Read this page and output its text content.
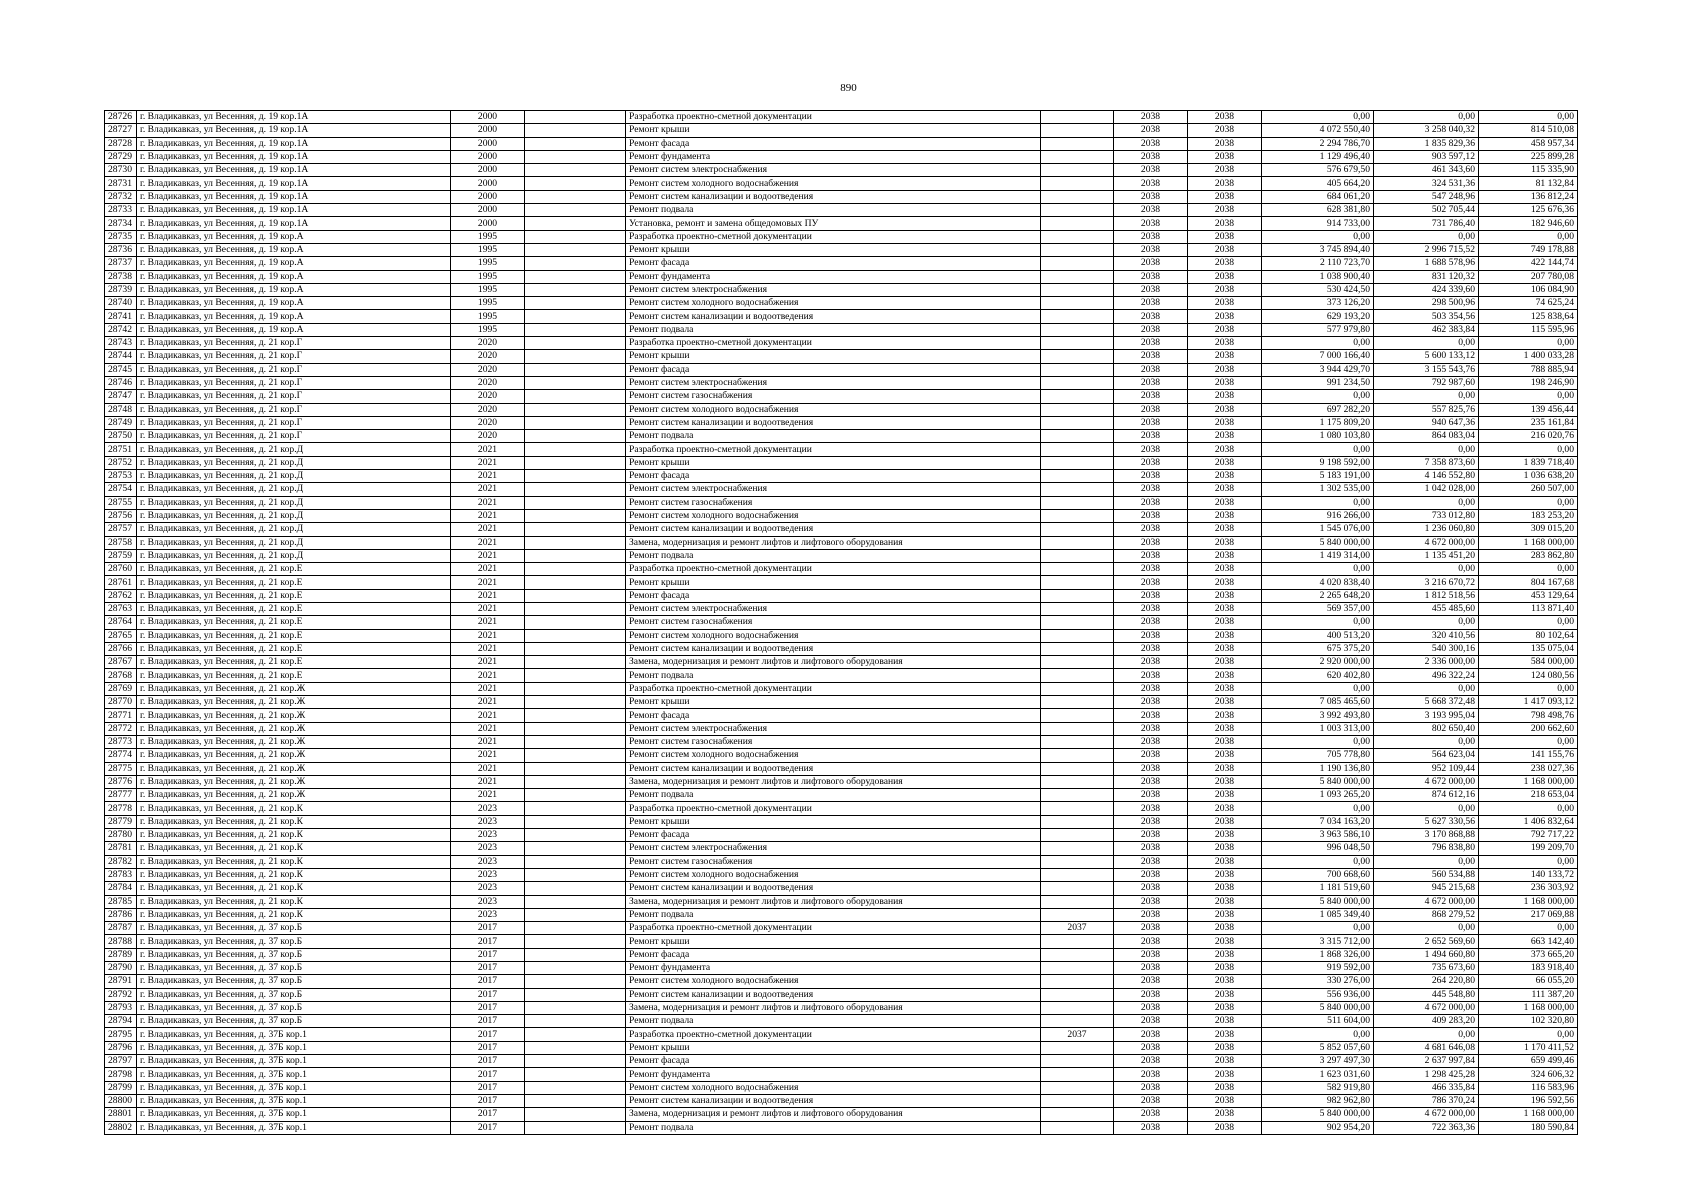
890
28726	г. Владикавказ, ул Весенняя, д. 19 кор.1А	2000		Разработка проектно-сметной документации		2038	2038	0,00	0,00	0,00
28727	г. Владикавказ, ул Весенняя, д. 19 кор.1А	2000		Ремонт крыши		2038	2038	4 072 550,40	3 258 040,32	814 510,08
28728	г. Владикавказ, ул Весенняя, д. 19 кор.1А	2000		Ремонт фасада		2038	2038	2 294 786,70	1 835 829,36	458 957,34
28729	г. Владикавказ, ул Весенняя, д. 19 кор.1А	2000		Ремонт фундамента		2038	2038	1 129 496,40	903 597,12	225 899,28
28730	г. Владикавказ, ул Весенняя, д. 19 кор.1А	2000		Ремонт систем электроснабжения		2038	2038	576 679,50	461 343,60	115 335,90
28731	г. Владикавказ, ул Весенняя, д. 19 кор.1А	2000		Ремонт систем холодного водоснабжения		2038	2038	405 664,20	324 531,36	81 132,84
28732	г. Владикавказ, ул Весенняя, д. 19 кор.1А	2000		Ремонт систем канализации и водоотведения		2038	2038	684 061,20	547 248,96	136 812,24
28733	г. Владикавказ, ул Весенняя, д. 19 кор.1А	2000		Ремонт подвала		2038	2038	628 381,80	502 705,44	125 676,36
28734	г. Владикавказ, ул Весенняя, д. 19 кор.1А	2000		Установка, ремонт и замена общедомовых ПУ		2038	2038	914 733,00	731 786,40	182 946,60
28735	г. Владикавказ, ул Весенняя, д. 19 кор.А	1995		Разработка проектно-сметной документации		2038	2038	0,00	0,00	0,00
28736	г. Владикавказ, ул Весенняя, д. 19 кор.А	1995		Ремонт крыши		2038	2038	3 745 894,40	2 996 715,52	749 178,88
28737	г. Владикавказ, ул Весенняя, д. 19 кор.А	1995		Ремонт фасада		2038	2038	2 110 723,70	1 688 578,96	422 144,74
28738	г. Владикавказ, ул Весенняя, д. 19 кор.А	1995		Ремонт фундамента		2038	2038	1 038 900,40	831 120,32	207 780,08
28739	г. Владикавказ, ул Весенняя, д. 19 кор.А	1995		Ремонт систем электроснабжения		2038	2038	530 424,50	424 339,60	106 084,90
28740	г. Владикавказ, ул Весенняя, д. 19 кор.А	1995		Ремонт систем холодного водоснабжения		2038	2038	373 126,20	298 500,96	74 625,24
28741	г. Владикавказ, ул Весенняя, д. 19 кор.А	1995		Ремонт систем канализации и водоотведения		2038	2038	629 193,20	503 354,56	125 838,64
28742	г. Владикавказ, ул Весенняя, д. 19 кор.А	1995		Ремонт подвала		2038	2038	577 979,80	462 383,84	115 595,96
28743	г. Владикавказ, ул Весенняя, д. 21 кор.Г	2020		Разработка проектно-сметной документации		2038	2038	0,00	0,00	0,00
28744	г. Владикавказ, ул Весенняя, д. 21 кор.Г	2020		Ремонт крыши		2038	2038	7 000 166,40	5 600 133,12	1 400 033,28
28745	г. Владикавказ, ул Весенняя, д. 21 кор.Г	2020		Ремонт фасада		2038	2038	3 944 429,70	3 155 543,76	788 885,94
28746	г. Владикавказ, ул Весенняя, д. 21 кор.Г	2020		Ремонт систем электроснабжения		2038	2038	991 234,50	792 987,60	198 246,90
28747	г. Владикавказ, ул Весенняя, д. 21 кор.Г	2020		Ремонт систем газоснабжения		2038	2038	0,00	0,00	0,00
28748	г. Владикавказ, ул Весенняя, д. 21 кор.Г	2020		Ремонт систем холодного водоснабжения		2038	2038	697 282,20	557 825,76	139 456,44
28749	г. Владикавказ, ул Весенняя, д. 21 кор.Г	2020		Ремонт систем канализации и водоотведения		2038	2038	1 175 809,20	940 647,36	235 161,84
28750	г. Владикавказ, ул Весенняя, д. 21 кор.Г	2020		Ремонт подвала		2038	2038	1 080 103,80	864 083,04	216 020,76
28751	г. Владикавказ, ул Весенняя, д. 21 кор.Д	2021		Разработка проектно-сметной документации		2038	2038	0,00	0,00	0,00
28752	г. Владикавказ, ул Весенняя, д. 21 кор.Д	2021		Ремонт крыши		2038	2038	9 198 592,00	7 358 873,60	1 839 718,40
28753	г. Владикавказ, ул Весенняя, д. 21 кор.Д	2021		Ремонт фасада		2038	2038	5 183 191,00	4 146 552,80	1 036 638,20
28754	г. Владикавказ, ул Весенняя, д. 21 кор.Д	2021		Ремонт систем электроснабжения		2038	2038	1 302 535,00	1 042 028,00	260 507,00
28755	г. Владикавказ, ул Весенняя, д. 21 кор.Д	2021		Ремонт систем газоснабжения		2038	2038	0,00	0,00	0,00
28756	г. Владикавказ, ул Весенняя, д. 21 кор.Д	2021		Ремонт систем холодного водоснабжения		2038	2038	916 266,00	733 012,80	183 253,20
28757	г. Владикавказ, ул Весенняя, д. 21 кор.Д	2021		Ремонт систем канализации и водоотведения		2038	2038	1 545 076,00	1 236 060,80	309 015,20
28758	г. Владикавказ, ул Весенняя, д. 21 кор.Д	2021		Замена, модернизация и ремонт лифтов и лифтового оборудования		2038	2038	5 840 000,00	4 672 000,00	1 168 000,00
28759	г. Владикавказ, ул Весенняя, д. 21 кор.Д	2021		Ремонт подвала		2038	2038	1 419 314,00	1 135 451,20	283 862,80
28760	г. Владикавказ, ул Весенняя, д. 21 кор.Е	2021		Разработка проектно-сметной документации		2038	2038	0,00	0,00	0,00
28761	г. Владикавказ, ул Весенняя, д. 21 кор.Е	2021		Ремонт крыши		2038	2038	4 020 838,40	3 216 670,72	804 167,68
28762	г. Владикавказ, ул Весенняя, д. 21 кор.Е	2021		Ремонт фасада		2038	2038	2 265 648,20	1 812 518,56	453 129,64
28763	г. Владикавказ, ул Весенняя, д. 21 кор.Е	2021		Ремонт систем электроснабжения		2038	2038	569 357,00	455 485,60	113 871,40
28764	г. Владикавказ, ул Весенняя, д. 21 кор.Е	2021		Ремонт систем газоснабжения		2038	2038	0,00	0,00	0,00
28765	г. Владикавказ, ул Весенняя, д. 21 кор.Е	2021		Ремонт систем холодного водоснабжения		2038	2038	400 513,20	320 410,56	80 102,64
28766	г. Владикавказ, ул Весенняя, д. 21 кор.Е	2021		Ремонт систем канализации и водоотведения		2038	2038	675 375,20	540 300,16	135 075,04
28767	г. Владикавказ, ул Весенняя, д. 21 кор.Е	2021		Замена, модернизация и ремонт лифтов и лифтового оборудования		2038	2038	2 920 000,00	2 336 000,00	584 000,00
28768	г. Владикавказ, ул Весенняя, д. 21 кор.Е	2021		Ремонт подвала		2038	2038	620 402,80	496 322,24	124 080,56
28769	г. Владикавказ, ул Весенняя, д. 21 кор.Ж	2021		Разработка проектно-сметной документации		2038	2038	0,00	0,00	0,00
28770	г. Владикавказ, ул Весенняя, д. 21 кор.Ж	2021		Ремонт крыши		2038	2038	7 085 465,60	5 668 372,48	1 417 093,12
28771	г. Владикавказ, ул Весенняя, д. 21 кор.Ж	2021		Ремонт фасада		2038	2038	3 992 493,80	3 193 995,04	798 498,76
28772	г. Владикавказ, ул Весенняя, д. 21 кор.Ж	2021		Ремонт систем электроснабжения		2038	2038	1 003 313,00	802 650,40	200 662,60
28773	г. Владикавказ, ул Весенняя, д. 21 кор.Ж	2021		Ремонт систем газоснабжения		2038	2038	0,00	0,00	0,00
28774	г. Владикавказ, ул Весенняя, д. 21 кор.Ж	2021		Ремонт систем холодного водоснабжения		2038	2038	705 778,80	564 623,04	141 155,76
28775	г. Владикавказ, ул Весенняя, д. 21 кор.Ж	2021		Ремонт систем канализации и водоотведения		2038	2038	1 190 136,80	952 109,44	238 027,36
28776	г. Владикавказ, ул Весенняя, д. 21 кор.Ж	2021		Замена, модернизация и ремонт лифтов и лифтового оборудования		2038	2038	5 840 000,00	4 672 000,00	1 168 000,00
28777	г. Владикавказ, ул Весенняя, д. 21 кор.Ж	2021		Ремонт подвала		2038	2038	1 093 265,20	874 612,16	218 653,04
28778	г. Владикавказ, ул Весенняя, д. 21 кор.К	2023		Разработка проектно-сметной документации		2038	2038	0,00	0,00	0,00
28779	г. Владикавказ, ул Весенняя, д. 21 кор.К	2023		Ремонт крыши		2038	2038	7 034 163,20	5 627 330,56	1 406 832,64
28780	г. Владикавказ, ул Весенняя, д. 21 кор.К	2023		Ремонт фасада		2038	2038	3 963 586,10	3 170 868,88	792 717,22
28781	г. Владикавказ, ул Весенняя, д. 21 кор.К	2023		Ремонт систем электроснабжения		2038	2038	996 048,50	796 838,80	199 209,70
28782	г. Владикавказ, ул Весенняя, д. 21 кор.К	2023		Ремонт систем газоснабжения		2038	2038	0,00	0,00	0,00
28783	г. Владикавказ, ул Весенняя, д. 21 кор.К	2023		Ремонт систем холодного водоснабжения		2038	2038	700 668,60	560 534,88	140 133,72
28784	г. Владикавказ, ул Весенняя, д. 21 кор.К	2023		Ремонт систем канализации и водоотведения		2038	2038	1 181 519,60	945 215,68	236 303,92
28785	г. Владикавказ, ул Весенняя, д. 21 кор.К	2023		Замена, модернизация и ремонт лифтов и лифтового оборудования		2038	2038	5 840 000,00	4 672 000,00	1 168 000,00
28786	г. Владикавказ, ул Весенняя, д. 21 кор.К	2023		Ремонт подвала		2038	2038	1 085 349,40	868 279,52	217 069,88
28787	г. Владикавказ, ул Весенняя, д. 37 кор.Б	2017		Разработка проектно-сметной документации	2037	2038	2038	0,00	0,00	0,00
28788	г. Владикавказ, ул Весенняя, д. 37 кор.Б	2017		Ремонт крыши		2038	2038	3 315 712,00	2 652 569,60	663 142,40
28789	г. Владикавказ, ул Весенняя, д. 37 кор.Б	2017		Ремонт фасада		2038	2038	1 868 326,00	1 494 660,80	373 665,20
28790	г. Владикавказ, ул Весенняя, д. 37 кор.Б	2017		Ремонт фундамента		2038	2038	919 592,00	735 673,60	183 918,40
28791	г. Владикавказ, ул Весенняя, д. 37 кор.Б	2017		Ремонт систем холодного водоснабжения		2038	2038	330 276,00	264 220,80	66 055,20
28792	г. Владикавказ, ул Весенняя, д. 37 кор.Б	2017		Ремонт систем канализации и водоотведения		2038	2038	556 936,00	445 548,80	111 387,20
28793	г. Владикавказ, ул Весенняя, д. 37 кор.Б	2017		Замена, модернизация и ремонт лифтов и лифтового оборудования		2038	2038	5 840 000,00	4 672 000,00	1 168 000,00
28794	г. Владикавказ, ул Весенняя, д. 37 кор.Б	2017		Ремонт подвала		2038	2038	511 604,00	409 283,20	102 320,80
28795	г. Владикавказ, ул Весенняя, д. 37Б кор.1	2017		Разработка проектно-сметной документации	2037	2038	2038	0,00	0,00	0,00
28796	г. Владикавказ, ул Весенняя, д. 37Б кор.1	2017		Ремонт крыши		2038	2038	5 852 057,60	4 681 646,08	1 170 411,52
28797	г. Владикавказ, ул Весенняя, д. 37Б кор.1	2017		Ремонт фасада		2038	2038	3 297 497,30	2 637 997,84	659 499,46
28798	г. Владикавказ, ул Весенняя, д. 37Б кор.1	2017		Ремонт фундамента		2038	2038	1 623 031,60	1 298 425,28	324 606,32
28799	г. Владикавказ, ул Весенняя, д. 37Б кор.1	2017		Ремонт систем холодного водоснабжения		2038	2038	582 919,80	466 335,84	116 583,96
28800	г. Владикавказ, ул Весенняя, д. 37Б кор.1	2017		Ремонт систем канализации и водоотведения		2038	2038	982 962,80	786 370,24	196 592,56
28801	г. Владикавказ, ул Весенняя, д. 37Б кор.1	2017		Замена, модернизация и ремонт лифтов и лифтового оборудования		2038	2038	5 840 000,00	4 672 000,00	1 168 000,00
28802	г. Владикавказ, ул Весенняя, д. 37Б кор.1	2017		Ремонт подвала		2038	2038	902 954,20	722 363,36	180 590,84
